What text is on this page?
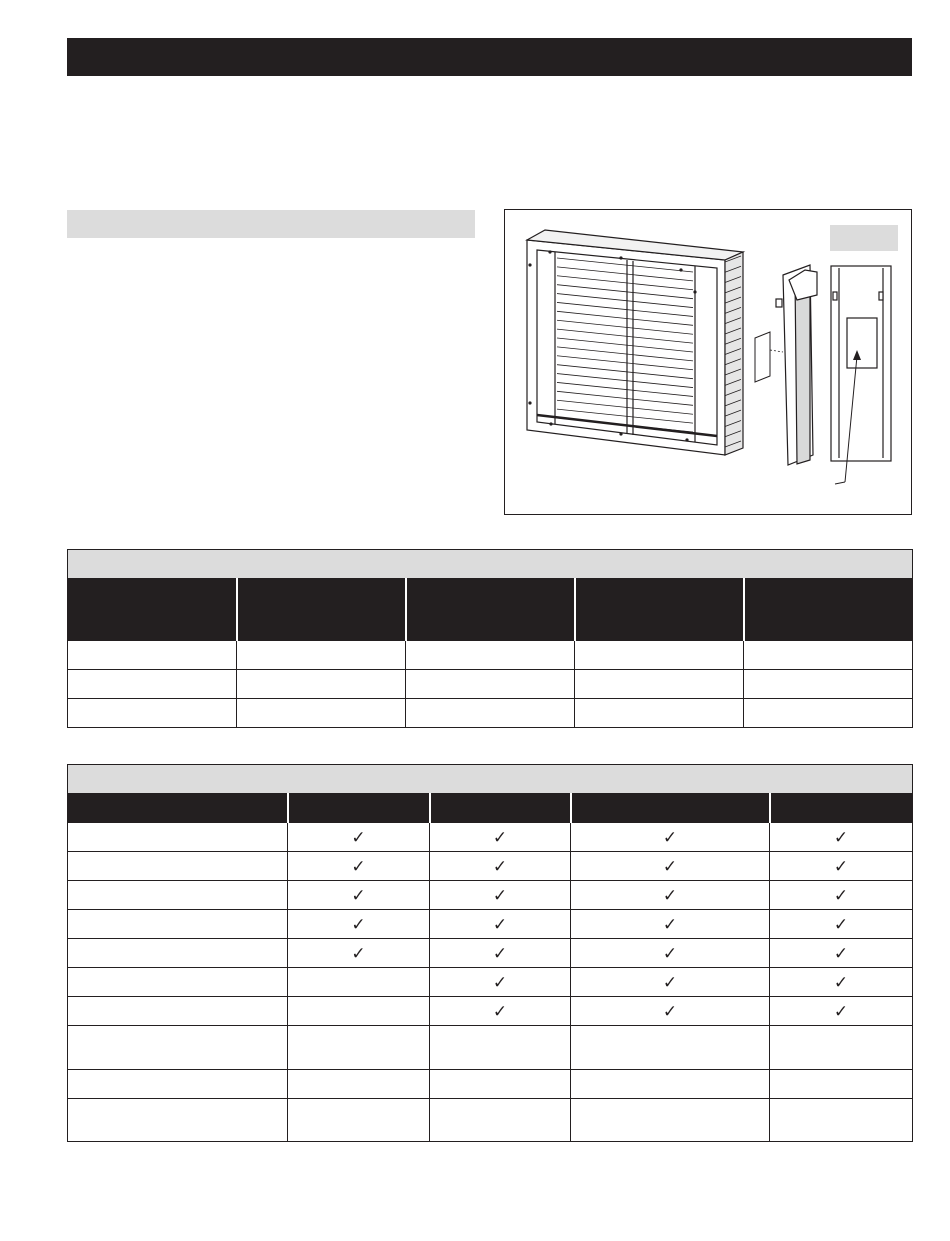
	✓	✓	✓	✓
	✓	✓	✓	✓
	✓	✓	✓	✓
	✓	✓	✓	✓
	✓	✓	✓	✓
		✓	✓	✓
		✓	✓	✓
